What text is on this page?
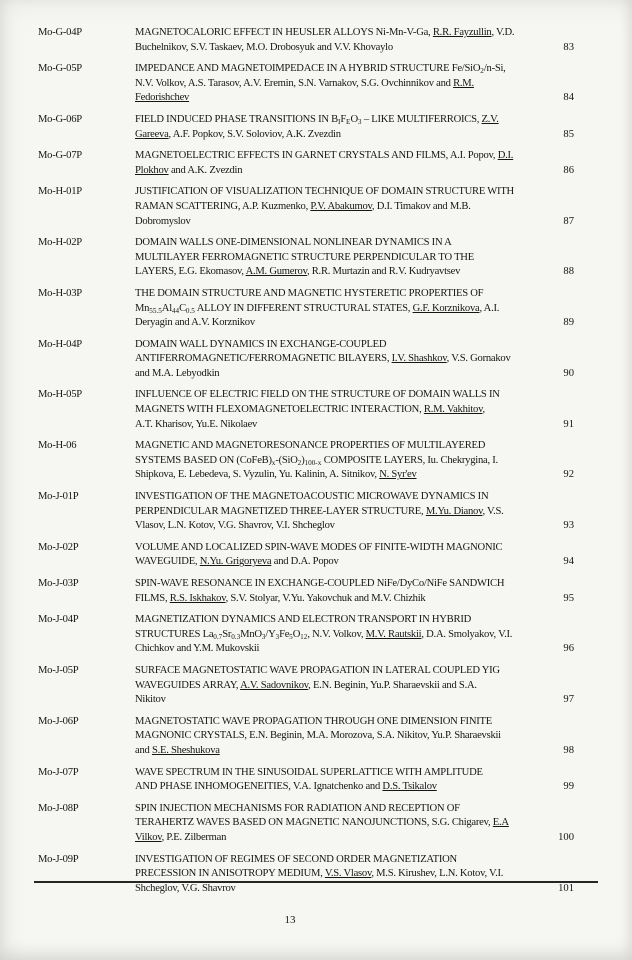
Mo-G-04P	MAGNETOCALORIC EFFECT IN HEUSLER ALLOYS Ni-Mn-V-Ga, R.R. Fayzullin, V.D.
Buchelnikov, S.V. Taskaev, M.O. Drobosyuk and V.V. Khovaylo	83
Mo-G-05P	IMPEDANCE AND MAGNETOIMPEDACE IN A HYBRID STRUCTURE Fe/SiO$_2$/n-Si,
N.V. Volkov, A.S. Tarasov, A.V. Eremin, S.N. Varnakov, S.G. Ovchinnikov and R.M.
Fedorishchev	84
Mo-G-06P	FIELD INDUCED PHASE TRANSITIONS IN $B_IF_EO_3$ – LIKE MULTIFERROICS, Z.V.
Gareeva, A.F. Popkov, S.V. Soloviov, A.K. Zvezdin	85
Mo-G-07P	MAGNETOELECTRIC EFFECTS IN GARNET CRYSTALS AND FILMS, A.I. Popov, D.I.
Plokhov and A.K. Zvezdin	86
Mo-H-01P	JUSTIFICATION OF VISUALIZATION TECHNIQUE OF DOMAIN STRUCTURE WITH
RAMAN SCATTERING, A.P. Kuzmenko, P.V. Abakumov, D.I. Timakov and M.B.
Dobromyslov	87
Mo-H-02P	DOMAIN WALLS ONE-DIMENSIONAL NONLINEAR DYNAMICS IN A
MULTILAYER FERROMAGNETIC STRUCTURE PERPENDICULAR TO THE
LAYERS, E.G. Ekomasov, A.M. Gumerov, R.R. Murtazin and R.V. Kudryavtsev	88
Mo-H-03P	THE DOMAIN STRUCTURE AND MAGNETIC HYSTERETIC PROPERTIES OF
$Mn_{55.5}Al_{44}C_{0.5}$ ALLOY IN DIFFERENT STRUCTURAL STATES, G.F. Korznikova, A.I.
Deryagin and A.V. Korznikov	89
Mo-H-04P	DOMAIN WALL DYNAMICS IN EXCHANGE-COUPLED
ANTIFERROMAGNETIC/FERROMAGNETIC BILAYERS, I.V. Shashkov, V.S. Gornakov
and M.A. Lebyodkin	90
Mo-H-05P	INFLUENCE OF ELECTRIC FIELD ON THE STRUCTURE OF DOMAIN WALLS IN
MAGNETS WITH FLEXOMAGNETOELECTRIC INTERACTION, R.M. Vakhitov,
A.T. Kharisov, Yu.E. Nikolaev	91
Mo-H-06	MAGNETIC AND MAGNETORESONANCE PROPERTIES OF MULTILAYERED
SYSTEMS BASED ON $(CoFeB)_x-(SiO_2)_{100-x}$ COMPOSITE LAYERS, Iu. Chekrygina, I.
Shipkova, E. Lebedeva, S. Vyzulin, Yu. Kalinin, A. Sitnikov, N. Syr'ev	92
Mo-J-01P	INVESTIGATION OF THE MAGNETOACOUSTIC MICROWAVE DYNAMICS IN
PERPENDICULAR MAGNETIZED THREE-LAYER STRUCTURE, M.Yu. Dianov, V.S.
Vlasov, L.N. Kotov, V.G. Shavrov, V.I. Shcheglov	93
Mo-J-02P	VOLUME AND LOCALIZED SPIN-WAVE MODES OF FINITE-WIDTH MAGNONIC
WAVEGUIDE, N.Yu. Grigoryeva and D.A. Popov	94
Mo-J-03P	SPIN-WAVE RESONANCE IN EXCHANGE-COUPLED NiFe/DyCo/NiFe SANDWICH
FILMS, R.S. Iskhakov, S.V. Stolyar, V.Yu. Yakovchuk and M.V. Chizhik	95
Mo-J-04P	MAGNETIZATION DYNAMICS AND ELECTRON TRANSPORT IN HYBRID
STRUCTURES $La_{0.7}Sr_{0.3}MnO_3/Y_3Fe_5O_{12}$, N.V. Volkov, M.V. Rautskii, D.A. Smolyakov, V.I.
Chichkov and Y.M. Mukovskii	96
Mo-J-05P	SURFACE MAGNETOSTATIC WAVE PROPAGATION IN LATERAL COUPLED YIG
WAVEGUIDES ARRAY, A.V. Sadovnikov, E.N. Beginin, Yu.P. Sharaevskii and S.A.
Nikitov	97
Mo-J-06P	MAGNETOSTATIC WAVE PROPAGATION THROUGH ONE DIMENSION FINITE
MAGNONIC CRYSTALS, E.N. Beginin, M.A. Morozova, S.A. Nikitov, Yu.P. Sharaevskii
and S.E. Sheshukova	98
Mo-J-07P	WAVE SPECTRUM IN THE SINUSOIDAL SUPERLATTICE WITH AMPLITUDE
AND PHASE INHOMOGENEITIES, V.A. Ignatchenko and D.S. Tsikalov	99
Mo-J-08P	SPIN INJECTION MECHANISMS FOR RADIATION AND RECEPTION OF
TERAHERTZ WAVES BASED ON MAGNETIC NANOJUNCTIONS, S.G. Chigarev, E.A
Vilkov, P.E. Zilberman	100
Mo-J-09P	INVESTIGATION OF REGIMES OF SECOND ORDER MAGNETIZATION
PRECESSION IN ANISOTROPY MEDIUM, V.S. Vlasov, M.S. Kirushev, L.N. Kotov, V.I.
Shcheglov, V.G. Shavrov	101
13
